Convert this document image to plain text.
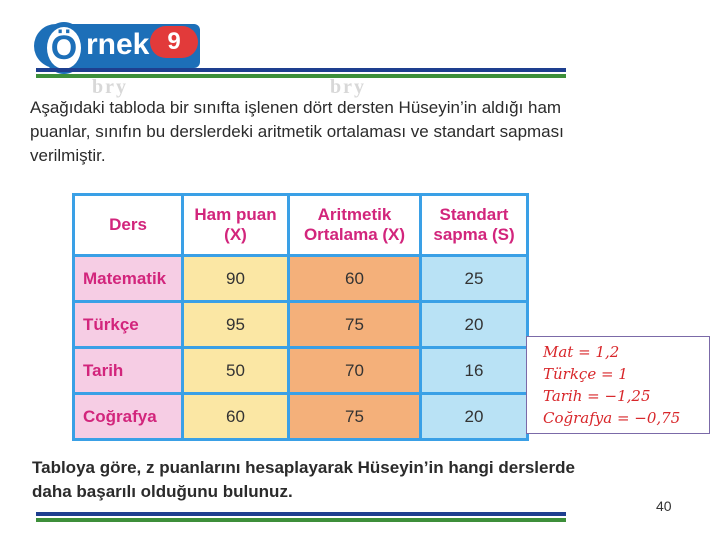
Ö rnek 9
bry	bry
Aşağıdaki tabloda bir sınıfta işlenen dört dersten Hüseyin’in aldığı ham puanlar, sınıfın bu derslerdeki aritmetik ortalaması ve standart sapması verilmiştir.
Ders	Ham puan (X)	Aritmetik Ortalama (X)	Standart sapma (S)
Matematik	90	60	25
Türkçe	95	75	20
Tarih	50	70	16
Coğrafya	60	75	20
Mat = 1,2
Türkçe = 1
Tarih = −1,25
Coğrafya = −0,75
Tabloya göre, z puanlarını hesaplayarak Hüseyin’in hangi derslerde daha başarılı olduğunu bulunuz.
40
